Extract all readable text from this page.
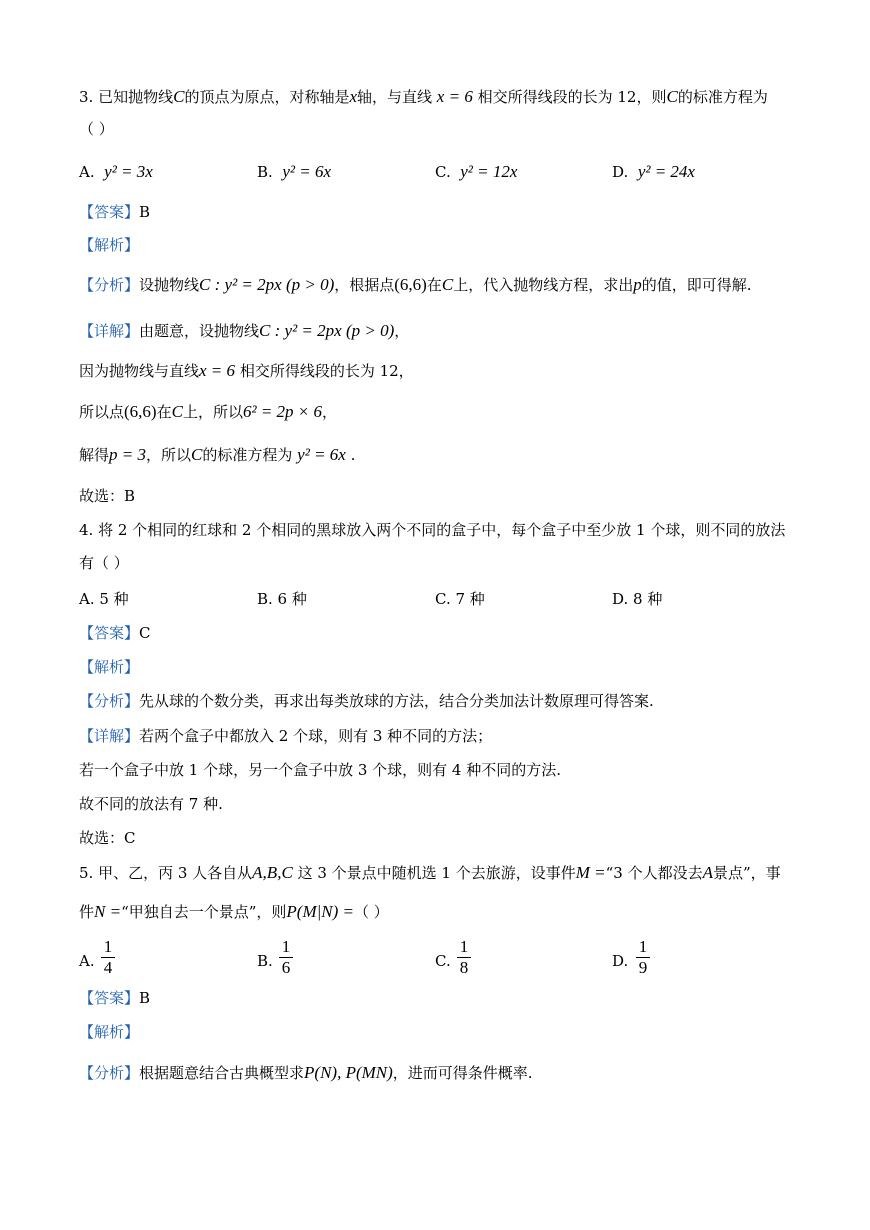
3. 已知抛物线C的顶点为原点，对称轴是x轴，与直线 x = 6 相交所得线段的长为 12，则C的标准方程为
（ ）
A. y² = 3x	B. y² = 6x	C. y² = 12x	D. y² = 24x
【答案】B
【解析】
【分析】设抛物线C : y² = 2px (p > 0)，根据点(6,6)在C上，代入抛物线方程，求出p的值，即可得解.
【详解】由题意，设抛物线C : y² = 2px (p > 0)，
因为抛物线与直线x = 6 相交所得线段的长为 12，
所以点(6,6)在C上，所以6² = 2p × 6，
解得p = 3，所以C的标准方程为 y² = 6x .
故选：B
4. 将 2 个相同的红球和 2 个相同的黑球放入两个不同的盒子中，每个盒子中至少放 1 个球，则不同的放法
有（ ）
A. 5 种	B. 6 种	C. 7 种	D. 8 种
【答案】C
【解析】
【分析】先从球的个数分类，再求出每类放球的方法，结合分类加法计数原理可得答案.
【详解】若两个盒子中都放入 2 个球，则有 3 种不同的方法；
若一个盒子中放 1 个球，另一个盒子中放 3 个球，则有 4 种不同的方法.
故不同的放法有 7 种.
故选：C
5. 甲、乙，丙 3 人各自从A,B,C 这 3 个景点中随机选 1 个去旅游，设事件M =“3 个人都没去A景点”，事
件N =“甲独自去一个景点”，则P(M|N) =（ ）
A.
1
4	B.
1
6	C.
1
8	D.
1
9
【答案】B
【解析】
【分析】根据题意结合古典概型求P(N), P(MN)，进而可得条件概率.
